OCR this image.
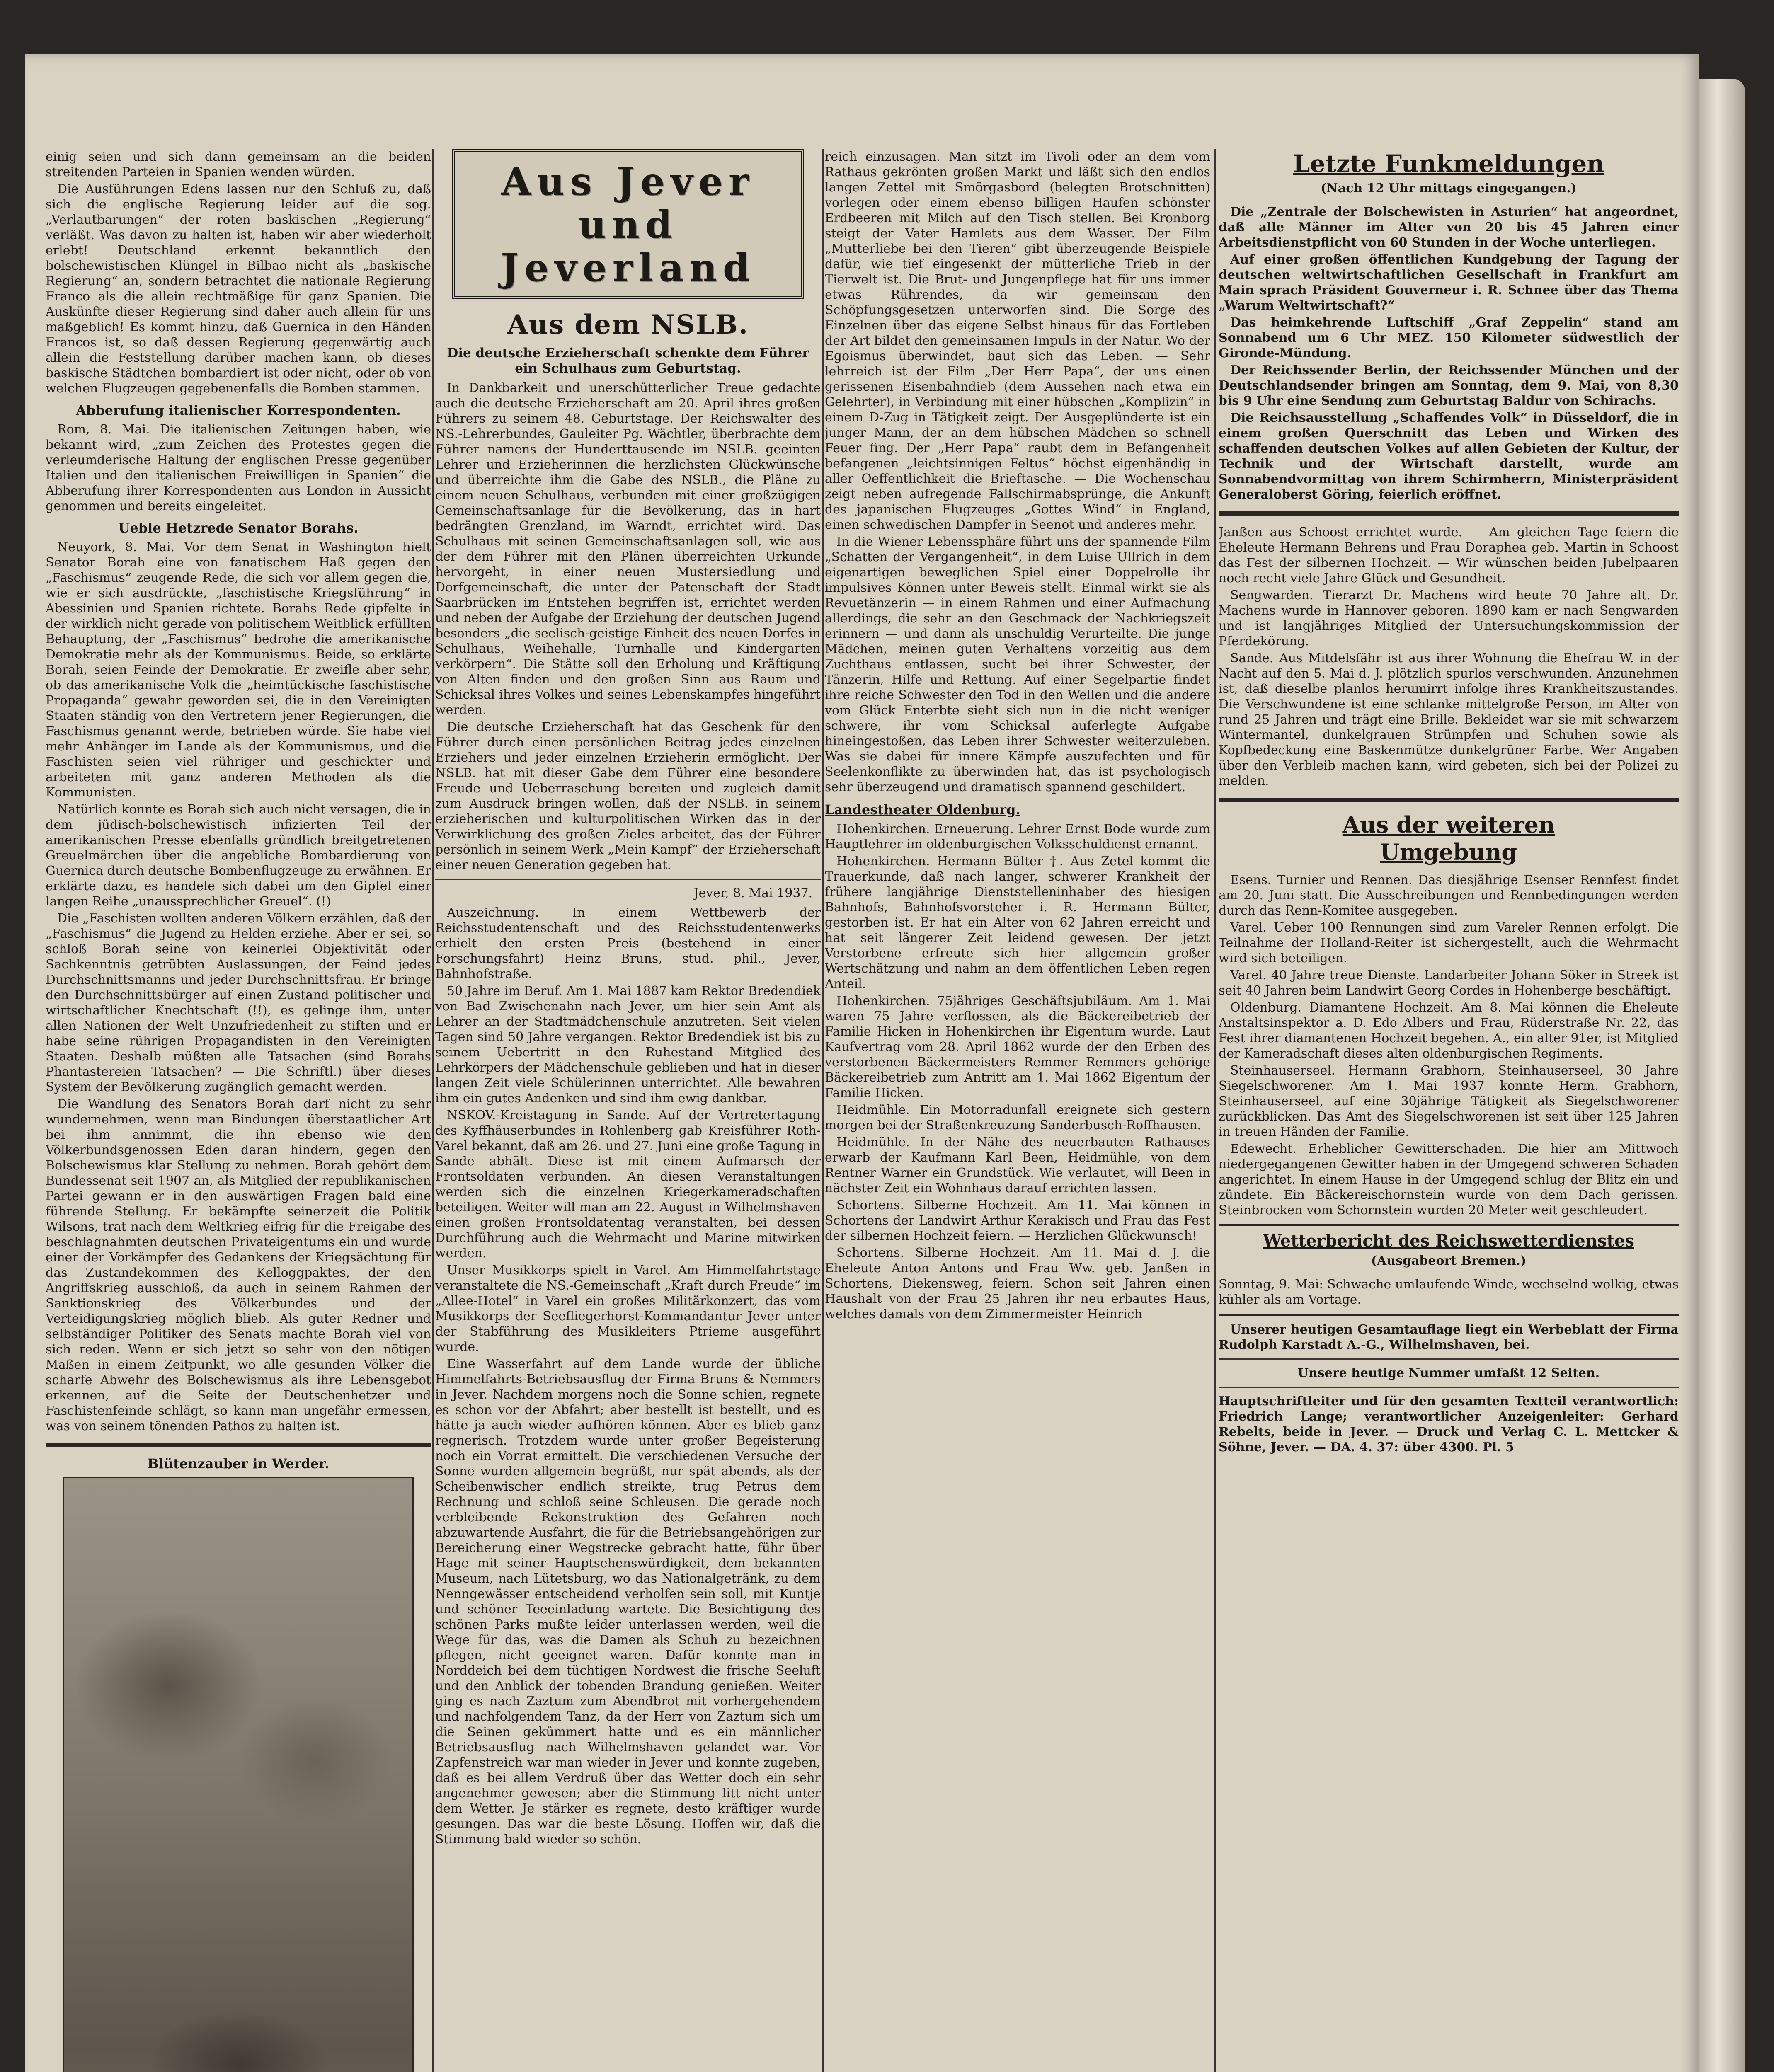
einig seien und sich dann gemeinsam an die beiden streitenden Parteien in Spanien wenden würden.

Die Ausführungen Edens lassen nur den Schluß zu, daß sich die englische Regierung leider auf die sog. „Verlautbarungen“ der roten baskischen „Regierung“ verläßt. Was davon zu halten ist, haben wir aber wiederholt erlebt! Deutschland erkennt bekanntlich den bolschewistischen Klüngel in Bilbao nicht als „baskische Regierung“ an, sondern betrachtet die nationale Regierung Franco als die allein rechtmäßige für ganz Spanien. Die Auskünfte dieser Regierung sind daher auch allein für uns maßgeblich! Es kommt hinzu, daß Guernica in den Händen Francos ist, so daß dessen Regierung gegenwärtig auch allein die Feststellung darüber machen kann, ob dieses baskische Städtchen bombardiert ist oder nicht, oder ob von welchen Flugzeugen gegebenenfalls die Bomben stammen.

Abberufung italienischer Korrespondenten.

Rom, 8. Mai. Die italienischen Zeitungen haben, wie bekannt wird, „zum Zeichen des Protestes gegen die verleumderische Haltung der englischen Presse gegenüber Italien und den italienischen Freiwilligen in Spanien“ die Abberufung ihrer Korrespondenten aus London in Aussicht genommen und bereits eingeleitet.

Ueble Hetzrede Senator Borahs.

Neuyork, 8. Mai. Vor dem Senat in Washington hielt Senator Borah eine von fanatischem Haß gegen den „Faschismus“ zeugende Rede, die sich vor allem gegen die, wie er sich ausdrückte, „faschistische Kriegsführung“ in Abessinien und Spanien richtete. Borahs Rede gipfelte in der wirklich nicht gerade von politischem Weitblick erfüllten Behauptung, der „Faschismus“ bedrohe die amerikanische Demokratie mehr als der Kommunismus. Beide, so erklärte Borah, seien Feinde der Demokratie. Er zweifle aber sehr, ob das amerikanische Volk die „heimtückische faschistische Propaganda“ gewahr geworden sei, die in den Vereinigten Staaten ständig von den Vertretern jener Regierungen, die Faschismus genannt werde, betrieben würde. Sie habe viel mehr Anhänger im Lande als der Kommunismus, und die Faschisten seien viel rühriger und geschickter und arbeiteten mit ganz anderen Methoden als die Kommunisten.

Natürlich konnte es Borah sich auch nicht versagen, die in dem jüdisch-bolschewistisch infizierten Teil der amerikanischen Presse ebenfalls gründlich breitgetretenen Greuelmärchen über die angebliche Bombardierung von Guernica durch deutsche Bombenflugzeuge zu erwähnen. Er erklärte dazu, es handele sich dabei um den Gipfel einer langen Reihe „unaussprechlicher Greuel“. (!)

Die „Faschisten wollten anderen Völkern erzählen, daß der „Faschismus“ die Jugend zu Helden erziehe. Aber er sei, so schloß Borah seine von keinerlei Objektivität oder Sachkenntnis getrübten Auslassungen, der Feind jedes Durchschnittsmanns und jeder Durchschnittsfrau. Er bringe den Durchschnittsbürger auf einen Zustand politischer und wirtschaftlicher Knechtschaft (!!), es gelinge ihm, unter allen Nationen der Welt Unzufriedenheit zu stiften und er habe seine rührigen Propagandisten in den Vereinigten Staaten. Deshalb müßten alle Tatsachen (sind Borahs Phantastereien Tatsachen? — Die Schriftl.) über dieses System der Bevölkerung zugänglich gemacht werden.

Die Wandlung des Senators Borah darf nicht zu sehr wundernehmen, wenn man Bindungen überstaatlicher Art bei ihm annimmt, die ihn ebenso wie den Völkerbundsgenossen Eden daran hindern, gegen den Bolschewismus klar Stellung zu nehmen. Borah gehört dem Bundessenat seit 1907 an, als Mitglied der republikanischen Partei gewann er in den auswärtigen Fragen bald eine führende Stellung. Er bekämpfte seinerzeit die Politik Wilsons, trat nach dem Weltkrieg eifrig für die Freigabe des beschlagnahmten deutschen Privateigentums ein und wurde einer der Vorkämpfer des Gedankens der Kriegsächtung für das Zustandekommen des Kelloggpaktes, der den Angriffskrieg ausschloß, da auch in seinem Rahmen der Sanktionskrieg des Völkerbundes und der Verteidigungskrieg möglich blieb. Als guter Redner und selbständiger Politiker des Senats machte Borah viel von sich reden. Wenn er sich jetzt so sehr von den nötigen Maßen in einem Zeitpunkt, wo alle gesunden Völker die scharfe Abwehr des Bolschewismus als ihre Lebensgebot erkennen, auf die Seite der Deutschenhetzer und Faschistenfeinde schlägt, so kann man ungefähr ermessen, was von seinem tönenden Pathos zu halten ist.

Blütenzauber in Werder.
Aus Jever
und Jeverland
Aus dem NSLB.
Die deutsche Erzieherschaft schenkte dem Führer ein Schulhaus zum Geburtstag.

In Dankbarkeit und unerschütterlicher Treue gedachte auch die deutsche Erzieherschaft am 20. April ihres großen Führers zu seinem 48. Geburtstage. Der Reichswalter des NS.-Lehrerbundes, Gauleiter Pg. Wächtler, überbrachte dem Führer namens der Hunderttausende im NSLB. geeinten Lehrer und Erzieherinnen die herzlichsten Glückwünsche und überreichte ihm die Gabe des NSLB., die Pläne zu einem neuen Schulhaus, verbunden mit einer großzügigen Gemeinschaftsanlage für die Bevölkerung, das in hart bedrängten Grenzland, im Warndt, errichtet wird. Das Schulhaus mit seinen Gemeinschaftsanlagen soll, wie aus der dem Führer mit den Plänen überreichten Urkunde hervorgeht, in einer neuen Mustersiedlung und Dorfgemeinschaft, die unter der Patenschaft der Stadt Saarbrücken im Entstehen begriffen ist, errichtet werden und neben der Aufgabe der Erziehung der deutschen Jugend besonders „die seelisch-geistige Einheit des neuen Dorfes in Schulhaus, Weihehalle, Turnhalle und Kindergarten verkörpern“. Die Stätte soll den Erholung und Kräftigung von Alten finden und den großen Sinn aus Raum und Schicksal ihres Volkes und seines Lebenskampfes hingeführt werden.

Die deutsche Erzieherschaft hat das Geschenk für den Führer durch einen persönlichen Beitrag jedes einzelnen Erziehers und jeder einzelnen Erzieherin ermöglicht. Der NSLB. hat mit dieser Gabe dem Führer eine besondere Freude und Ueberraschung bereiten und zugleich damit zum Ausdruck bringen wollen, daß der NSLB. in seinem erzieherischen und kulturpolitischen Wirken das in der Verwirklichung des großen Zieles arbeitet, das der Führer persönlich in seinem Werk „Mein Kampf“ der Erzieherschaft einer neuen Generation gegeben hat.

Jever, 8. Mai 1937.

Auszeichnung. In einem Wettbewerb der Reichsstudentenschaft und des Reichsstudentenwerks erhielt den ersten Preis (bestehend in einer Forschungsfahrt) Heinz Bruns, stud. phil., Jever, Bahnhofstraße.

50 Jahre im Beruf. Am 1. Mai 1887 kam Rektor Bredendiek von Bad Zwischenahn nach Jever, um hier sein Amt als Lehrer an der Stadtmädchenschule anzutreten. Seit vielen Tagen sind 50 Jahre vergangen. Rektor Bredendiek ist bis zu seinem Uebertritt in den Ruhestand Mitglied des Lehrkörpers der Mädchenschule geblieben und hat in dieser langen Zeit viele Schülerinnen unterrichtet. Alle bewahren ihm ein gutes Andenken und sind ihm ewig dankbar.

NSKOV.-Kreistagung in Sande. Auf der Vertretertagung des Kyffhäuserbundes in Rohlenberg gab Kreisführer Roth-Varel bekannt, daß am 26. und 27. Juni eine große Tagung in Sande abhält. Diese ist mit einem Aufmarsch der Frontsoldaten verbunden. An diesen Veranstaltungen werden sich die einzelnen Kriegerkameradschaften beteiligen. Weiter will man am 22. August in Wilhelmshaven einen großen Frontsoldatentag veranstalten, bei dessen Durchführung auch die Wehrmacht und Marine mitwirken werden.

Unser Musikkorps spielt in Varel. Am Himmelfahrtstage veranstaltete die NS.-Gemeinschaft „Kraft durch Freude“ im „Allee-Hotel“ in Varel ein großes Militärkonzert, das vom Musikkorps der Seefliegerhorst-Kommandantur Jever unter der Stabführung des Musikleiters Ptrieme ausgeführt wurde.

Eine Wasserfahrt auf dem Lande wurde der übliche Himmelfahrts-Betriebsausflug der Firma Bruns & Nemmers in Jever. Nachdem morgens noch die Sonne schien, regnete es schon vor der Abfahrt; aber bestellt ist bestellt, und es hätte ja auch wieder aufhören können. Aber es blieb ganz regnerisch. Trotzdem wurde unter großer Begeisterung noch ein Vorrat ermittelt. Die verschiedenen Versuche der Sonne wurden allgemein begrüßt, nur spät abends, als der Scheibenwischer endlich streikte, trug Petrus dem Rechnung und schloß seine Schleusen. Die gerade noch verbleibende Rekonstruktion des Gefahren noch abzuwartende Ausfahrt, die für die Betriebsangehörigen zur Bereicherung einer Wegstrecke gebracht hatte, führ über Hage mit seiner Hauptsehenswürdigkeit, dem bekannten Museum, nach Lütetsburg, wo das Nationalgetränk, zu dem Nenngewässer entscheidend verholfen sein soll, mit Kuntje und schöner Teeeinladung wartete. Die Besichtigung des schönen Parks mußte leider unterlassen werden, weil die Wege für das, was die Damen als Schuh zu bezeichnen pflegen, nicht geeignet waren. Dafür konnte man in Norddeich bei dem tüchtigen Nordwest die frische Seeluft und den Anblick der tobenden Brandung genießen. Weiter ging es nach Zaztum zum Abendbrot mit vorhergehendem und nachfolgendem Tanz, da der Herr von Zaztum sich um die Seinen gekümmert hatte und es ein männlicher Betriebsausflug nach Wilhelmshaven gelandet war. Vor Zapfenstreich war man wieder in Jever und konnte zugeben, daß es bei allem Verdruß über das Wetter doch ein sehr angenehmer gewesen; aber die Stimmung litt nicht unter dem Wetter. Je stärker es regnete, desto kräftiger wurde gesungen. Das war die beste Lösung. Hoffen wir, daß die Stimmung bald wieder so schön.

reich einzusagen. Man sitzt im Tivoli oder an dem vom Rathaus gekrönten großen Markt und läßt sich den endlos langen Zettel mit Smörgasbord (belegten Brotschnitten) vorlegen oder einem ebenso billigen Haufen schönster Erdbeeren mit Milch auf den Tisch stellen. Bei Kronborg steigt der Vater Hamlets aus dem Wasser. Der Film „Mutterliebe bei den Tieren“ gibt überzeugende Beispiele dafür, wie tief eingesenkt der mütterliche Trieb in der Tierwelt ist. Die Brut- und Jungenpflege hat für uns immer etwas Rührendes, da wir gemeinsam den Schöpfungsgesetzen unterworfen sind. Die Sorge des Einzelnen über das eigene Selbst hinaus für das Fortleben der Art bildet den gemeinsamen Impuls in der Natur. Wo der Egoismus überwindet, baut sich das Leben. — Sehr lehrreich ist der Film „Der Herr Papa“, der uns einen gerissenen Eisenbahndieb (dem Aussehen nach etwa ein Gelehrter), in Verbindung mit einer hübschen „Komplizin“ in einem D-Zug in Tätigkeit zeigt. Der Ausgeplünderte ist ein junger Mann, der an dem hübschen Mädchen so schnell Feuer fing. Der „Herr Papa“ raubt dem in Befangenheit befangenen „leichtsinnigen Feltus“ höchst eigenhändig in aller Oeffentlichkeit die Brieftasche. — Die Wochenschau zeigt neben aufregende Fallschirmabsprünge, die Ankunft des japanischen Flugzeuges „Gottes Wind“ in England, einen schwedischen Dampfer in Seenot und anderes mehr.

In die Wiener Lebenssphäre führt uns der spannende Film „Schatten der Vergangenheit“, in dem Luise Ullrich in dem eigenartigen beweglichen Spiel einer Doppelrolle ihr impulsives Können unter Beweis stellt. Einmal wirkt sie als Revuetänzerin — in einem Rahmen und einer Aufmachung allerdings, die sehr an den Geschmack der Nachkriegszeit erinnern — und dann als unschuldig Verurteilte. Die junge Mädchen, meinen guten Verhaltens vorzeitig aus dem Zuchthaus entlassen, sucht bei ihrer Schwester, der Tänzerin, Hilfe und Rettung. Auf einer Segelpartie findet ihre reiche Schwester den Tod in den Wellen und die andere vom Glück Enterbte sieht sich nun in die nicht weniger schwere, ihr vom Schicksal auferlegte Aufgabe hineingestoßen, das Leben ihrer Schwester weiterzuleben. Was sie dabei für innere Kämpfe auszufechten und für Seelenkonflikte zu überwinden hat, das ist psychologisch sehr überzeugend und dramatisch spannend geschildert.

Landestheater Oldenburg.

Hohenkirchen. Erneuerung. Lehrer Ernst Bode wurde zum Hauptlehrer im oldenburgischen Volksschuldienst ernannt.

Hohenkirchen. Hermann Bülter †. Aus Zetel kommt die Trauerkunde, daß nach langer, schwerer Krankheit der frühere langjährige Dienststelleninhaber des hiesigen Bahnhofs, Bahnhofsvorsteher i. R. Hermann Bülter, gestorben ist. Er hat ein Alter von 62 Jahren erreicht und hat seit längerer Zeit leidend gewesen. Der jetzt Verstorbene erfreute sich hier allgemein großer Wertschätzung und nahm an dem öffentlichen Leben regen Anteil.

Hohenkirchen. 75jähriges Geschäftsjubiläum. Am 1. Mai waren 75 Jahre verflossen, als die Bäckereibetrieb der Familie Hicken in Hohenkirchen ihr Eigentum wurde. Laut Kaufvertrag vom 28. April 1862 wurde der den Erben des verstorbenen Bäckermeisters Remmer Remmers gehörige Bäckereibetrieb zum Antritt am 1. Mai 1862 Eigentum der Familie Hicken.

Heidmühle. Ein Motorradunfall ereignete sich gestern morgen bei der Straßenkreuzung Sanderbusch-Roffhausen.

Heidmühle. In der Nähe des neuerbauten Rathauses erwarb der Kaufmann Karl Been, Heidmühle, von dem Rentner Warner ein Grundstück. Wie verlautet, will Been in nächster Zeit ein Wohnhaus darauf errichten lassen.

Schortens. Silberne Hochzeit. Am 11. Mai können in Schortens der Landwirt Arthur Kerakisch und Frau das Fest der silbernen Hochzeit feiern. — Herzlichen Glückwunsch!

Schortens. Silberne Hochzeit. Am 11. Mai d. J. die Eheleute Anton Antons und Frau Ww. geb. Janßen in Schortens, Diekensweg, feiern. Schon seit Jahren einen Haushalt von der Frau 25 Jahren ihr neu erbautes Haus, welches damals von dem Zimmermeister Heinrich

Letzte Funkmeldungen
(Nach 12 Uhr mittags eingegangen.)

Die „Zentrale der Bolschewisten in Asturien“ hat angeordnet, daß alle Männer im Alter von 20 bis 45 Jahren einer Arbeitsdienstpflicht von 60 Stunden in der Woche unterliegen.

Auf einer großen öffentlichen Kundgebung der Tagung der deutschen weltwirtschaftlichen Gesellschaft in Frankfurt am Main sprach Präsident Gouverneur i. R. Schnee über das Thema „Warum Weltwirtschaft?“

Das heimkehrende Luftschiff „Graf Zeppelin“ stand am Sonnabend um 6 Uhr MEZ. 150 Kilometer südwestlich der Gironde-Mündung.

Der Reichssender Berlin, der Reichssender München und der Deutschlandsender bringen am Sonntag, dem 9. Mai, von 8,30 bis 9 Uhr eine Sendung zum Geburtstag Baldur von Schirachs.

Die Reichsausstellung „Schaffendes Volk“ in Düsseldorf, die in einem großen Querschnitt das Leben und Wirken des schaffenden deutschen Volkes auf allen Gebieten der Kultur, der Technik und der Wirtschaft darstellt, wurde am Sonnabendvormittag von ihrem Schirmherrn, Ministerpräsident Generaloberst Göring, feierlich eröffnet.

Janßen aus Schoost errichtet wurde. — Am gleichen Tage feiern die Eheleute Hermann Behrens und Frau Doraphea geb. Martin in Schoost das Fest der silbernen Hochzeit. — Wir wünschen beiden Jubelpaaren noch recht viele Jahre Glück und Gesundheit.

Sengwarden. Tierarzt Dr. Machens wird heute 70 Jahre alt. Dr. Machens wurde in Hannover geboren. 1890 kam er nach Sengwarden und ist langjähriges Mitglied der Untersuchungskommission der Pferdekörung.

Sande. Aus Mitdelsfähr ist aus ihrer Wohnung die Ehefrau W. in der Nacht auf den 5. Mai d. J. plötzlich spurlos verschwunden. Anzunehmen ist, daß dieselbe planlos herumirrt infolge ihres Krankheitszustandes. Die Verschwundene ist eine schlanke mittelgroße Person, im Alter von rund 25 Jahren und trägt eine Brille. Bekleidet war sie mit schwarzem Wintermantel, dunkelgrauen Strümpfen und Schuhen sowie als Kopfbedeckung eine Baskenmütze dunkelgrüner Farbe. Wer Angaben über den Verbleib machen kann, wird gebeten, sich bei der Polizei zu melden.

Aus der weiteren
Umgebung

Esens. Turnier und Rennen. Das diesjährige Esenser Rennfest findet am 20. Juni statt. Die Ausschreibungen und Rennbedingungen werden durch das Renn-Komitee ausgegeben.

Varel. Ueber 100 Rennungen sind zum Vareler Rennen erfolgt. Die Teilnahme der Holland-Reiter ist sichergestellt, auch die Wehrmacht wird sich beteiligen.

Varel. 40 Jahre treue Dienste. Landarbeiter Johann Söker in Streek ist seit 40 Jahren beim Landwirt Georg Cordes in Hohenberge beschäftigt.

Oldenburg. Diamantene Hochzeit. Am 8. Mai können die Eheleute Anstaltsinspektor a. D. Edo Albers und Frau, Rüderstraße Nr. 22, das Fest ihrer diamantenen Hochzeit begehen. A., ein alter 91er, ist Mitglied der Kameradschaft dieses alten oldenburgischen Regiments.

Steinhauserseel. Hermann Grabhorn, Steinhauserseel, 30 Jahre Siegelschworener. Am 1. Mai 1937 konnte Herm. Grabhorn, Steinhauserseel, auf eine 30jährige Tätigkeit als Siegelschworener zurückblicken. Das Amt des Siegelschworenen ist seit über 125 Jahren in treuen Händen der Familie.

Edewecht. Erheblicher Gewitterschaden. Die hier am Mittwoch niedergegangenen Gewitter haben in der Umgegend schweren Schaden angerichtet. In einem Hause in der Umgegend schlug der Blitz ein und zündete. Ein Bäckereischornstein wurde von dem Dach gerissen. Steinbrocken vom Schornstein wurden 20 Meter weit geschleudert.

Wetterbericht des Reichswetterdienstes
(Ausgabeort Bremen.)

Sonntag, 9. Mai: Schwache umlaufende Winde, wechselnd wolkig, etwas kühler als am Vortage.

Unserer heutigen Gesamtauflage liegt ein Werbeblatt der Firma Rudolph Karstadt A.-G., Wilhelmshaven, bei.

Unsere heutige Nummer umfaßt 12 Seiten.

Hauptschriftleiter und für den gesamten Textteil verantwortlich: Friedrich Lange; verantwortlicher Anzeigenleiter: Gerhard Rebelts, beide in Jever. — Druck und Verlag C. L. Mettcker & Söhne, Jever. — DA. 4. 37: über 4300. Pl. 5
